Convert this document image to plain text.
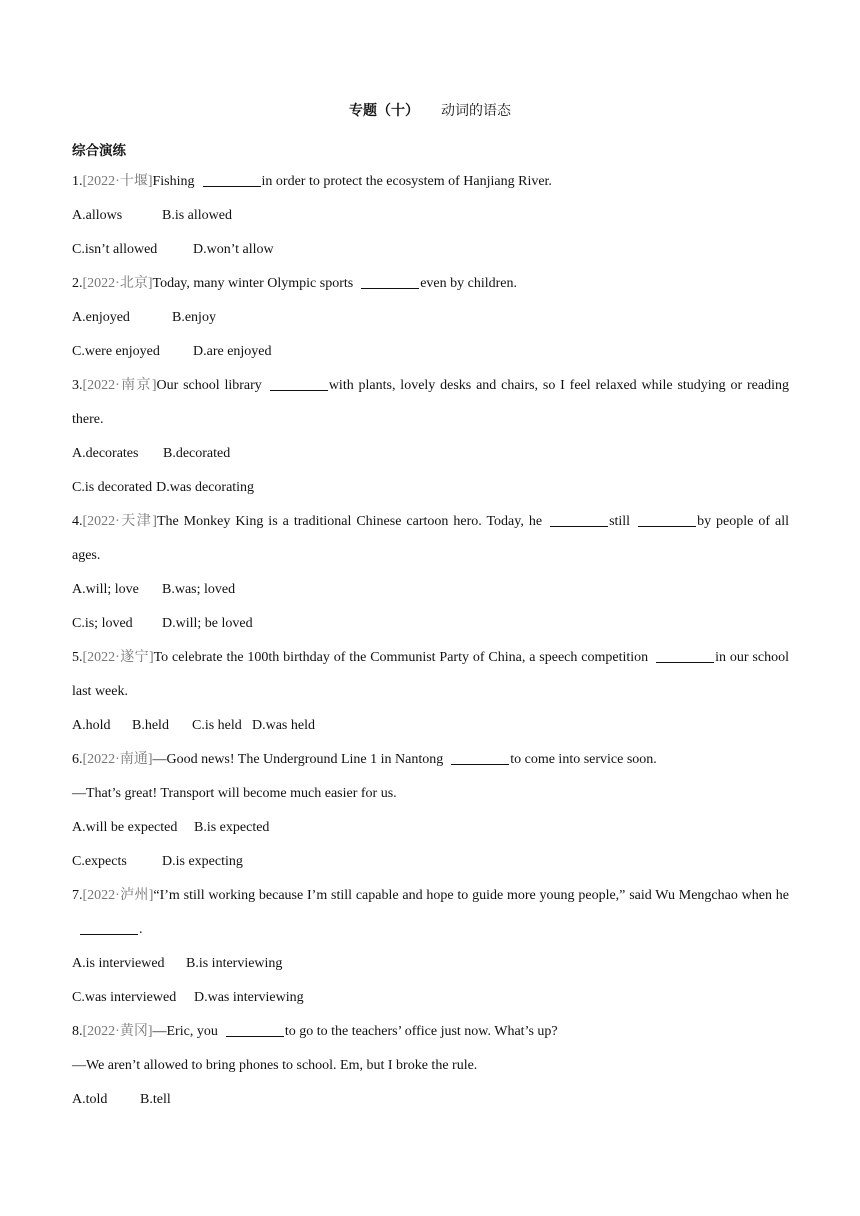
专题（十） 动词的语态
综合演练

1.[2022·十堰]Fishing	in order to protect the ecosystem of Hanjiang River.

A.allows	B.is allowed

C.isn’t allowed	D.won’t allow

2.[2022·北京]Today, many winter Olympic sports	even by children.

A.enjoyed	B.enjoy

C.were enjoyed D.are enjoyed

3.[2022·南京]Our school library	with plants, lovely desks and chairs, so I feel relaxed while studying or reading there.

A.decorates B.decorated

C.is decorated D.was decorating

4.[2022·天津]The Monkey King is a traditional Chinese cartoon hero. Today, he	still	by people of all ages.

A.will; love B.was; loved

C.is; loved D.will; be loved

5.[2022·遂宁]To celebrate the 100th birthday of the Communist Party of China, a speech competition	in our school last week.

A.hold B.held C.is held D.was held

6.[2022·南通]—Good news! The Underground Line 1 in Nantong	to come into service soon.

—That’s great! Transport will become much easier for us.

A.will be expected B.is expected

C.expects	D.is expecting

7.[2022·泸州]“I’m still working because I’m still capable and hope to guide more young people,” said Wu Mengchao when he.

A.is interviewed B.is interviewing

C.was interviewed D.was interviewing

8.[2022·黄冈]—Eric, you	to go to the teachers’ office just now. What’s up?

—We aren’t allowed to bring phones to school. Em, but I broke the rule.

A.told B.tell
